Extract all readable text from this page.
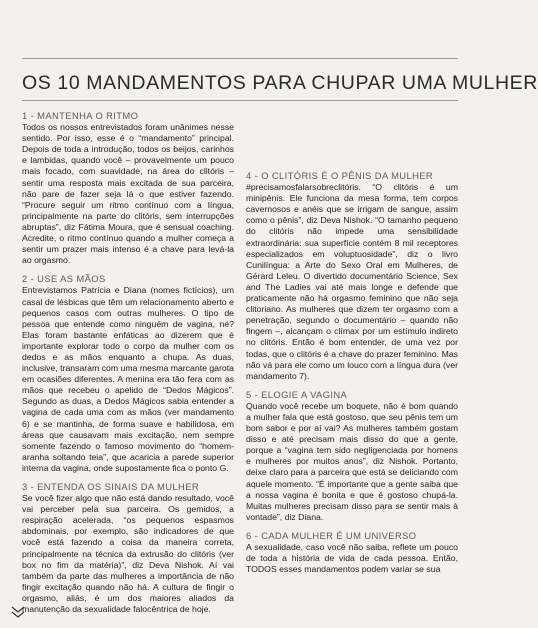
OS 10 MANDAMENTOS PARA CHUPAR UMA MULHER
1 - MANTENHA O RITMO

Todos os nossos entrevistados foram unânimes nesse sentido. Por isso, esse é o “mandamento” principal. Depois de toda a introdução, todos os beijos, carinhos e lambidas, quando você – provavelmente um pouco mais focado, com suavidade, na área do clitóris – sentir uma resposta mais excitada de sua parceira, não pare de fazer seja lá o que estiver fazendo. “Procure seguir um ritmo contínuo com a língua, principalmente na parte do clitóris, sem interrupções abruptas”, diz Fátima Moura, que é sensual coaching. Acredite, o ritmo contínuo quando a mulher começa a sentir um prazer mais intenso é a chave para levá-la ao orgasmo.

2 - USE AS MÃOS

Entrevistamos Patrícia e Diana (nomes fictícios), um casal de lésbicas que têm um relacionamento aberto e pequenos casos com outras mulheres. O tipo de pessoa que entende como ninguém de vagina, né? Elas foram bastante enfáticas ao dizerem que é importante explorar todo o corpo da mulher com os dedos e as mãos enquanto a chupa. As duas, inclusive, transaram com uma mesma marcante garota em ocasiões diferentes. A menina era tão fera com as mãos que recebeu o apelido de “Dedos Mágicos”. Segundo as duas, a Dedos Mágicos sabia entender a vagina de cada uma com as mãos (ver mandamento 6) e se mantinha, de forma suave e habilidosa, em áreas que causavam mais excitação, nem sempre somente fazendo o famoso movimento do “homem-aranha soltando teia”, que acaricia a parede superior interna da vagina, onde supostamente fica o ponto G.

3 - ENTENDA OS SINAIS DA MULHER

Se você fizer algo que não está dando resultado, você vai perceber pela sua parceira. Os gemidos, a respiração acelerada, “os pequenos espasmos abdominais, por exemplo, são indicadores de que você está fazendo a coisa da maneira correta, principalmente na técnica da extrusão do clitóris (ver box no fim da matéria)”, diz Deva Nishok. Aí vai também da parte das mulheres a importância de não fingir excitação quando não há. A cultura de fingir o orgasmo, aliás, é um dos maiores aliados da manutenção da sexualidade falocêntrica de hoje.

4 - O CLITÓRIS É O PÊNIS DA MULHER

#precisamosfalarsobreclitóris. “O clitóris é um minipênis. Ele funciona da mesa forma, tem corpos cavernosos e anéis que se irrigam de sangue, assim como o pênis”, diz Deva Nishok. “O tamanho pequeno do clitóris não impede uma sensibilidade extraordinária: sua superfície contém 8 mil receptores especializados em voluptuosidade”, diz o livro Cunilíngua: a Arte do Sexo Oral em Mulheres, de Gérard Leleu. O divertido documentário Science, Sex and The Ladies vai até mais longe e defende que praticamente não há orgasmo feminino que não seja clitoriano. As mulheres que dizem ter orgasmo com a penetração, segundo o documentário – quando não fingem –, alcançam o clímax por um estímulo indireto no clitóris. Então é bom entender, de uma vez por todas, que o clitóris é a chave do prazer feminino. Mas não vá para ele como um louco com a língua dura (ver mandamento 7).

5 - ELOGIE A VAGINA

Quando você recebe um boquete, não é bom quando a mulher fala que está gostoso, que seu pênis tem um bom sabor e por aí vai? As mulheres também gostam disso e até precisam mais disso do que a gente, porque a “vagina tem sido negligenciada por homens e mulheres por muitos anos”, diz Nishok. Portanto, deixe claro para a parceira que está se deliciando com aquele momento. “É importante que a gente saiba que a nossa vagina é bonita e que é gostoso chupá-la. Muitas mulheres precisam disso para se sentir mais à vontade”, diz Diana.

6 - CADA MULHER É UM UNIVERSO

A sexualidade, caso você não saiba, reflete um pouco de toda a história de vida de cada pessoa. Então, TODOS esses mandamentos podem variar se sua
